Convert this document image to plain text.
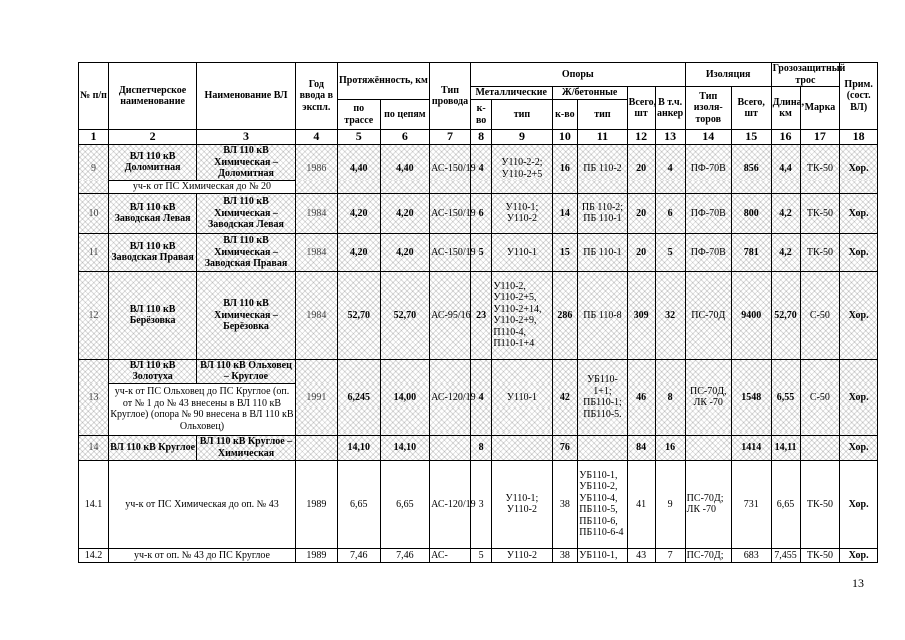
№ п/п	Диспетчерское наименование	Наименование ВЛ	Год ввода в экспл.	Протяжённость, км		Тип провода	Опоры						Изоляция		Грозозащитный трос		Прим. (сост. ВЛ)
							Металлические		Ж/бетонные		Всего, шт	В т.ч. анкер	Тип изоля-торов	Всего, шт	Длина, км	Марка	
				по трассе	по цепям		к-во	тип	к-во	тип							
1	2	3	4	5	6	7	8	9	10	11	12	13	14	15	16	17	18
9	ВЛ 110 кВ Доломитная	ВЛ 110 кВ Химическая – Доломитная	1986	4,40	4,40	АС-150/19	4	У110-2-2; У110-2+5	16	ПБ 110-2	20	4	ПФ-70В	856	4,4	ТК-50	Хор.
	уч-к от ПС Химическая до № 20																
10	ВЛ 110 кВ Заводская Левая	ВЛ 110 кВ Химическая – Заводская Левая	1984	4,20	4,20	АС-150/19	6	У110-1; У110-2	14	ПБ 110-2; ПБ 110-1	20	6	ПФ-70В	800	4,2	ТК-50	Хор.
11	ВЛ 110 кВ Заводская Правая	ВЛ 110 кВ Химическая – Заводская Правая	1984	4,20	4,20	АС-150/19	5	У110-1	15	ПБ 110-1	20	5	ПФ-70В	781	4,2	ТК-50	Хор.
12	ВЛ 110 кВ Берёзовка	ВЛ 110 кВ Химическая – Берёзовка	1984	52,70	52,70	АС-95/16	23	У110-2, У110-2+5, У110-2+14, У110-2+9, П110-4, П110-1+4	286	ПБ 110-8	309	32	ПС-70Д	9400	52,70	С-50	Хор.
13	ВЛ 110 кВ Золотуха	ВЛ 110 кВ Ольховец – Круглое	1991	6,245	14,00	АС-120/19	4	У110-1	42	УБ110-1+1; ПБ110-1; ПБ110-5.	46	8	ПС-70Д, ЛК -70	1548	6,55	С-50	Хор.
	уч-к от ПС Ольховец до ПС Круглое (оп. от № 1 до № 43 внесены в ВЛ 110 кВ Круглое) (опора № 90 внесена в ВЛ 110 кВ Ольховец)																
14	ВЛ 110 кВ Круглое	ВЛ 110 кВ Круглое – Химическая		14,10	14,10		8		76		84	16		1414	14,11		Хор.
14.1	уч-к от ПС Химическая до оп. № 43		1989	6,65	6,65	АС-120/19	3	У110-1; У110-2	38	УБ110-1, УБ110-2, УБ110-4, ПБ110-5, ПБ110-6, ПБ110-6-4	41	9	ПС-70Д; ЛК -70	731	6,65	ТК-50	Хор.
14.2	уч-к от оп. № 43 до ПС Круглое		1989	7,46	7,46	АС-	5	У110-2	38	УБ110-1,	43	7	ПС-70Д;	683	7,455	ТК-50	Хор.
13
